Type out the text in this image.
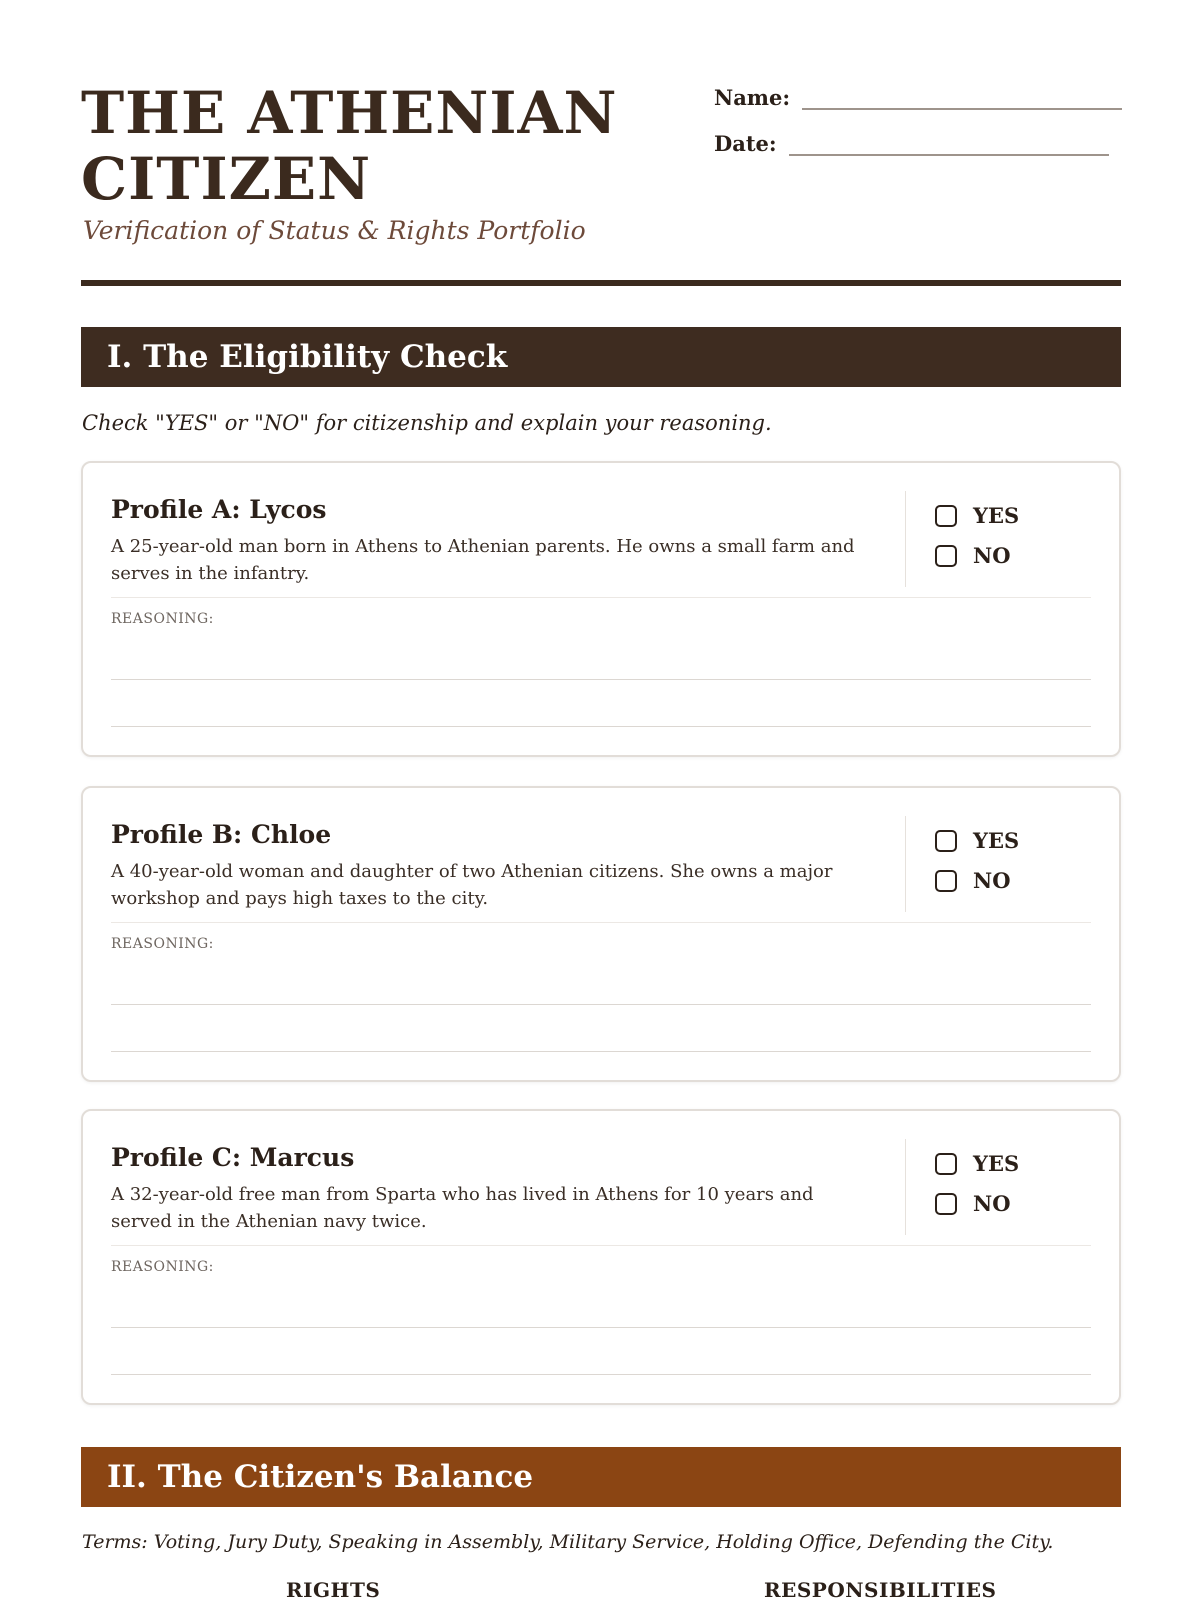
THE ATHENIAN
CITIZEN
Verification of Status & Rights Portfolio
Name:
Date:
I. The Eligibility Check
Check "YES" or "NO" for citizenship and explain your reasoning.
Profile A: Lycos
A 25-year-old man born in Athens to Athenian parents. He owns a small farm and serves in the infantry.
YES
NO
REASONING:
Profile B: Chloe
A 40-year-old woman and daughter of two Athenian citizens. She owns a major workshop and pays high taxes to the city.
YES
NO
REASONING:
Profile C: Marcus
A 32-year-old free man from Sparta who has lived in Athens for 10 years and served in the Athenian navy twice.
YES
NO
REASONING:
II. The Citizen's Balance
Terms: Voting, Jury Duty, Speaking in Assembly, Military Service, Holding Office, Defending the City.
RIGHTS	RESPONSIBILITIES
